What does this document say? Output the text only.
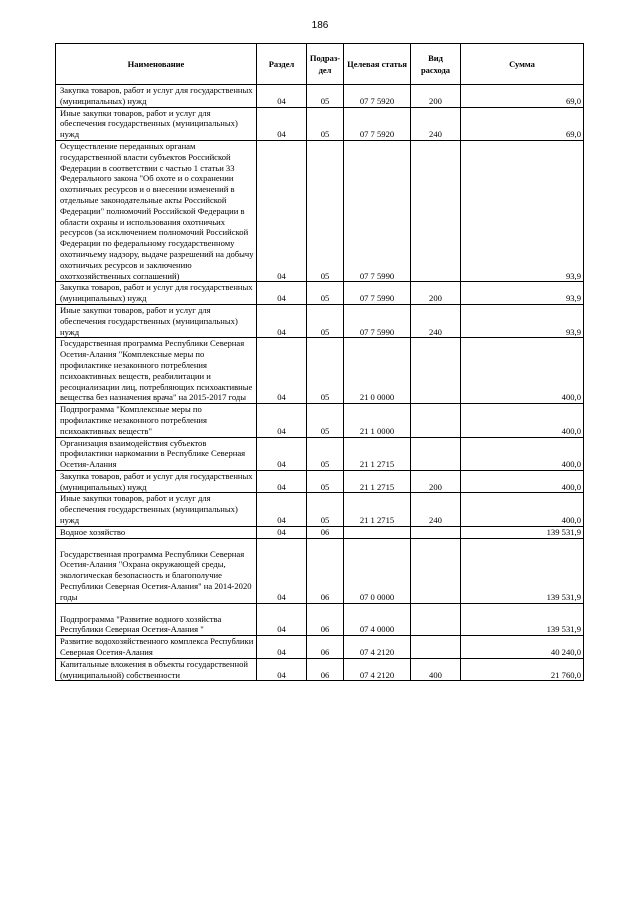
186
Наименование	Раздел	Подраз-дел	Целевая статья	Вид расхода	Сумма
Закупка товаров, работ и услуг для государственных (муниципальных) нужд	04	05	07 7 5920	200	69,0
Иные закупки товаров, работ и услуг для обеспечения государственных (муниципальных) нужд	04	05	07 7 5920	240	69,0
Осуществление переданных органам государственной власти субъектов Российской Федерации в соответствии с частью 1 статьи 33 Федерального закона "Об охоте и о сохранении охотничьих ресурсов и о внесении изменений в отдельные законодательные акты Российской Федерации" полномочий Российской Федерации в области охраны и использования охотничьих ресурсов (за исключением полномочий Российской Федерации по федеральному государственному охотничьему надзору, выдаче разрешений на добычу охотничьих ресурсов и заключению охотхозяйственных соглашений)	04	05	07 7 5990		93,9
Закупка товаров, работ и услуг для государственных (муниципальных) нужд	04	05	07 7 5990	200	93,9
Иные закупки товаров, работ и услуг для обеспечения государственных (муниципальных) нужд	04	05	07 7 5990	240	93,9
Государственная программа Республики Северная Осетия-Алания "Комплексные меры по профилактике незаконного потребления психоактивных веществ, реабилитации и ресоциализации лиц, потребляющих психоактивные вещества без назначения врача" на 2015-2017 годы	04	05	21 0 0000		400,0
Подпрограмма "Комплексные меры по профилактике незаконного потребления психоактивных веществ"	04	05	21 1 0000		400,0
Организация взаимодействия субъектов профилактики наркомании в Республике Северная Осетия-Алания	04	05	21 1 2715		400,0
Закупка товаров, работ и услуг для государственных (муниципальных) нужд	04	05	21 1 2715	200	400,0
Иные закупки товаров, работ и услуг для обеспечения государственных (муниципальных) нужд	04	05	21 1 2715	240	400,0
Водное хозяйство	04	06			139 531,9
Государственная программа Республики Северная Осетия-Алания "Охрана окружающей среды, экологическая безопасность и благополучие Республики Северная Осетия-Алания" на 2014-2020 годы	04	06	07 0 0000		139 531,9
Подпрограмма "Развитие водного хозяйства Республики Северная Осетия-Алания "	04	06	07 4 0000		139 531,9
Развитие водохозяйственного комплекса Республики Северная Осетия-Алания	04	06	07 4 2120		40 240,0
Капитальные вложения в объекты государственной (муниципальной) собственности	04	06	07 4 2120	400	21 760,0
